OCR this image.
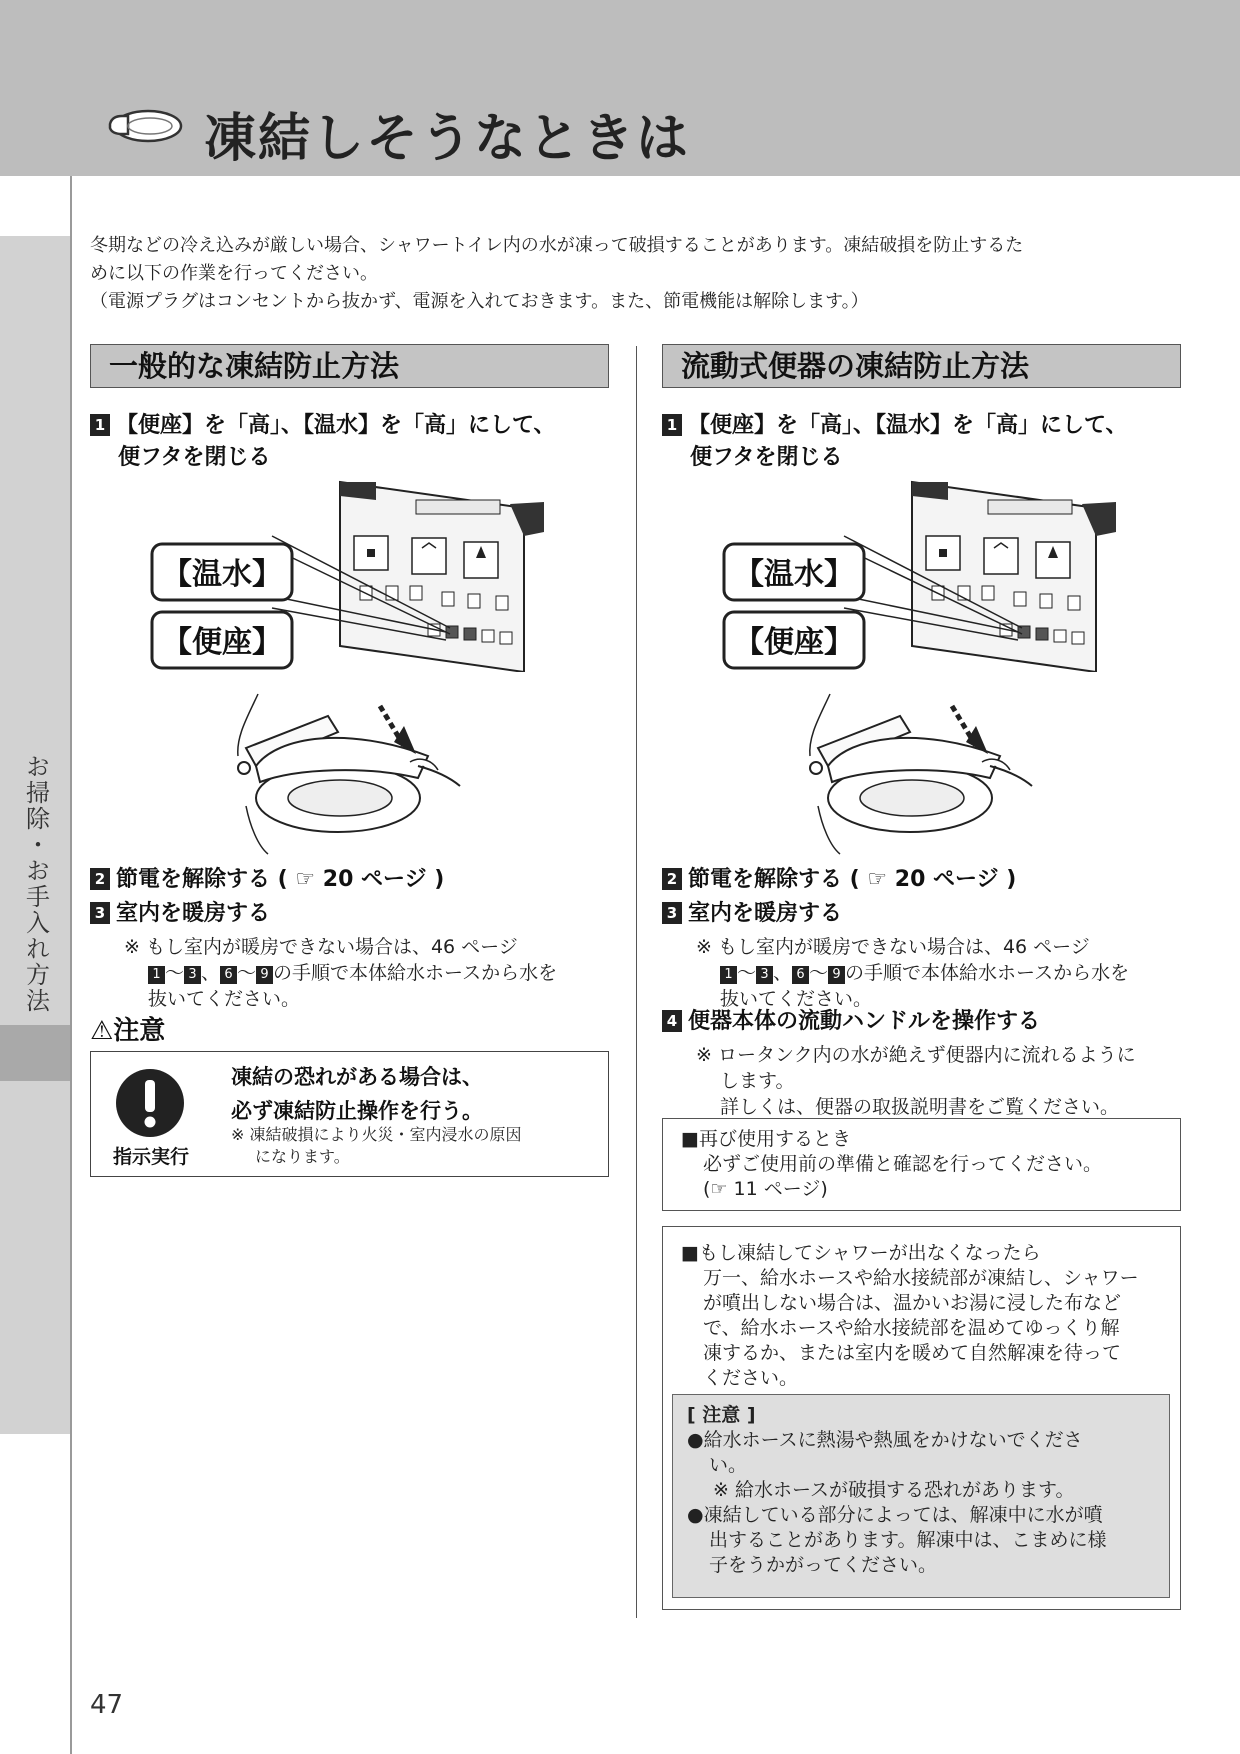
凍結しそうなときは
お掃除・お手入れ方法

冬期などの冷え込みが厳しい場合、シャワートイレ内の水が凍って破損することがあります。凍結破損を防止するた

めに以下の作業を行ってください。

（電源プラグはコンセントから抜かず、電源を入れておきます。また、節電機能は解除します。）

一般的な凍結防止方法
1 【便座】を「高」、【温水】を「高」にして、
便フタを閉じる
【温水】
【便座】
2 節電を解除する ( ☞ 20 ページ )
3 室内を暖房する
※ もし室内が暖房できない場合は、46 ページ
1 ～ 3 、 6 ～ 9 の手順で本体給水ホースから水を
抜いてください。
⚠注意
指示実行
凍結の恐れがある場合は、
必ず凍結防止操作を行う。
※ 凍結破損により火災・室内浸水の原因
になります。
流動式便器の凍結防止方法
1 【便座】を「高」、【温水】を「高」にして、
便フタを閉じる
【温水】
【便座】
2 節電を解除する ( ☞ 20 ページ )
3 室内を暖房する
※ もし室内が暖房できない場合は、46 ページ
1 ～ 3 、 6 ～ 9 の手順で本体給水ホースから水を
抜いてください。
4 便器本体の流動ハンドルを操作する
※ ロータンク内の水が絶えず便器内に流れるように
します。
詳しくは、便器の取扱説明書をご覧ください。
■再び使用するとき
必ずご使用前の準備と確認を行ってください。
(☞ 11 ページ)
■もし凍結してシャワーが出なくなったら
万一、給水ホースや給水接続部が凍結し、シャワー
が噴出しない場合は、温かいお湯に浸した布など
で、給水ホースや給水接続部を温めてゆっくり解
凍するか、または室内を暖めて自然解凍を待って
ください。
[ 注意 ]
●給水ホースに熱湯や熱風をかけないでくださ
い。
※ 給水ホースが破損する恐れがあります。
●凍結している部分によっては、解凍中に水が噴
出することがあります。解凍中は、こまめに様
子をうかがってください。
47
